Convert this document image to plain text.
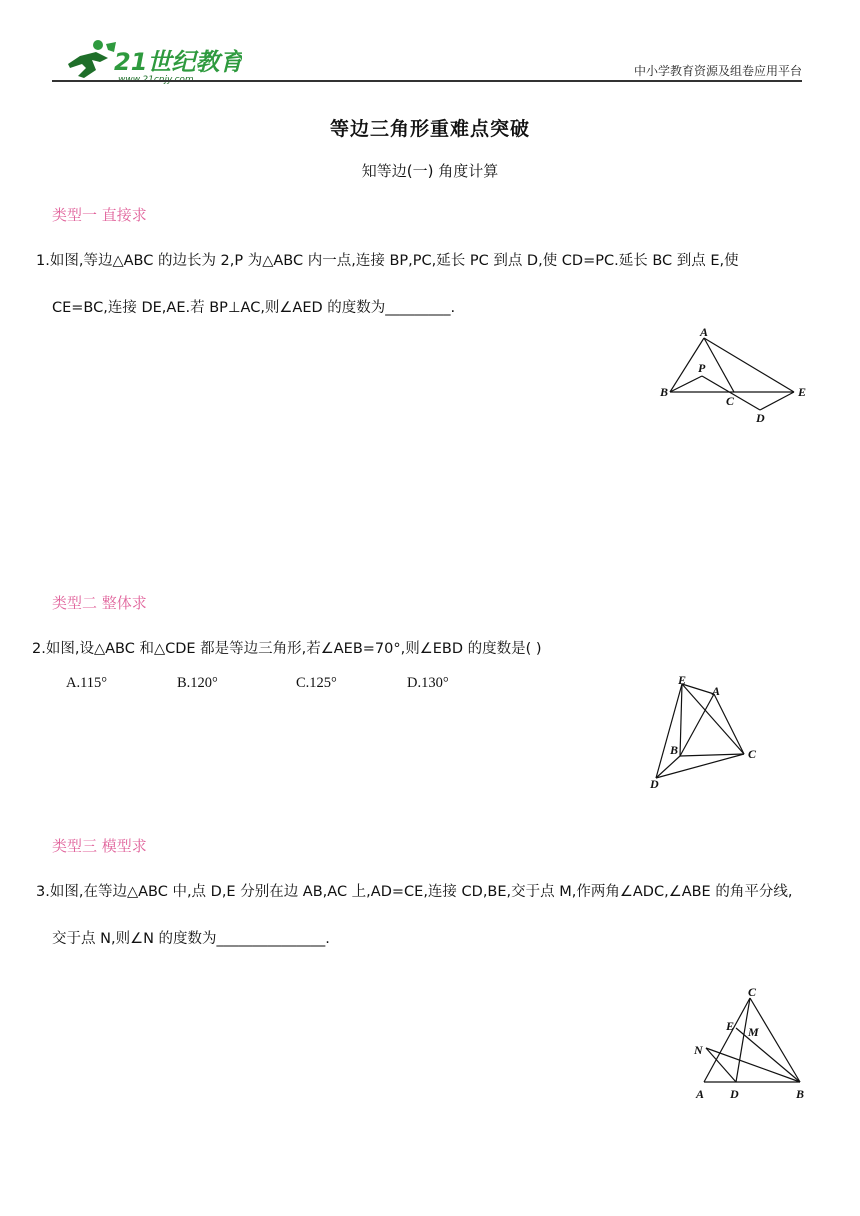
21世纪教育	中小学教育资源及组卷应用平台
等边三角形重难点突破
知等边(一) 角度计算
类型一 直接求
1.如图,等边△ABC 的边长为 2,P 为△ABC 内一点,连接 BP,PC,延长 PC 到点 D,使 CD=PC.延长 BC 到点 E,使
CE=BC,连接 DE,AE.若 BP⊥AC,则∠AED 的度数为_________.
A
B
C
D
E
P
类型二 整体求
2.如图,设△ABC 和△CDE 都是等边三角形,若∠AEB=70°,则∠EBD 的度数是( )
A.115°	B.120°	C.125°	D.130°	E
A
B	C
D
类型三 模型求
3.如图,在等边△ABC 中,点 D,E 分别在边 AB,AC 上,AD=CE,连接 CD,BE,交于点 M,作两角∠ADC,∠ABE 的角平分线,
交于点 N,则∠N 的度数为_______________.
C
E M
N
A D	B
